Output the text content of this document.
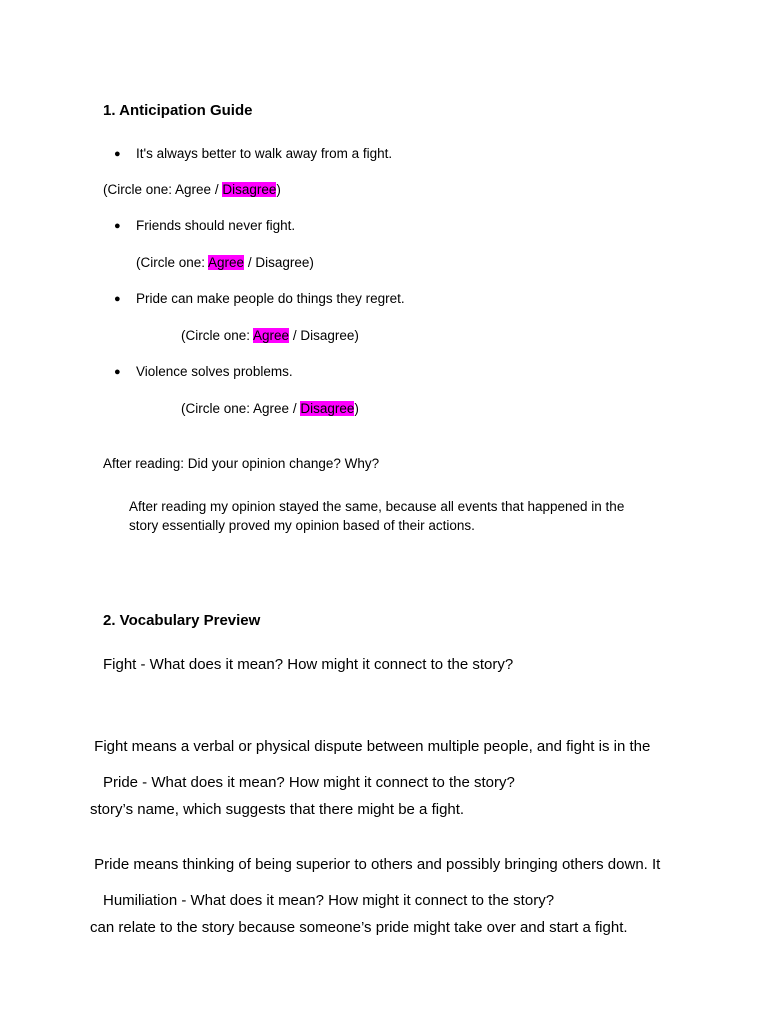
1. Anticipation Guide
● It's always better to walk away from a fight.
(Circle one: Agree / Disagree)
● Friends should never fight.
(Circle one: Agree / Disagree)
● Pride can make people do things they regret.
(Circle one: Agree / Disagree)
● Violence solves problems.
(Circle one: Agree / Disagree)
After reading: Did your opinion change? Why?
After reading my opinion stayed the same, because all events that happened in the
story essentially proved my opinion based of their actions.
2. Vocabulary Preview
Fight - What does it mean? How might it connect to the story?

Fight means a verbal or physical dispute between multiple people, and fight is in the

story’s name, which suggests that there might be a fight.

Pride - What does it mean? How might it connect to the story?

Pride means thinking of being superior to others and possibly bringing others down. It

can relate to the story because someone’s pride might take over and start a fight.

Humiliation - What does it mean? How might it connect to the story?
